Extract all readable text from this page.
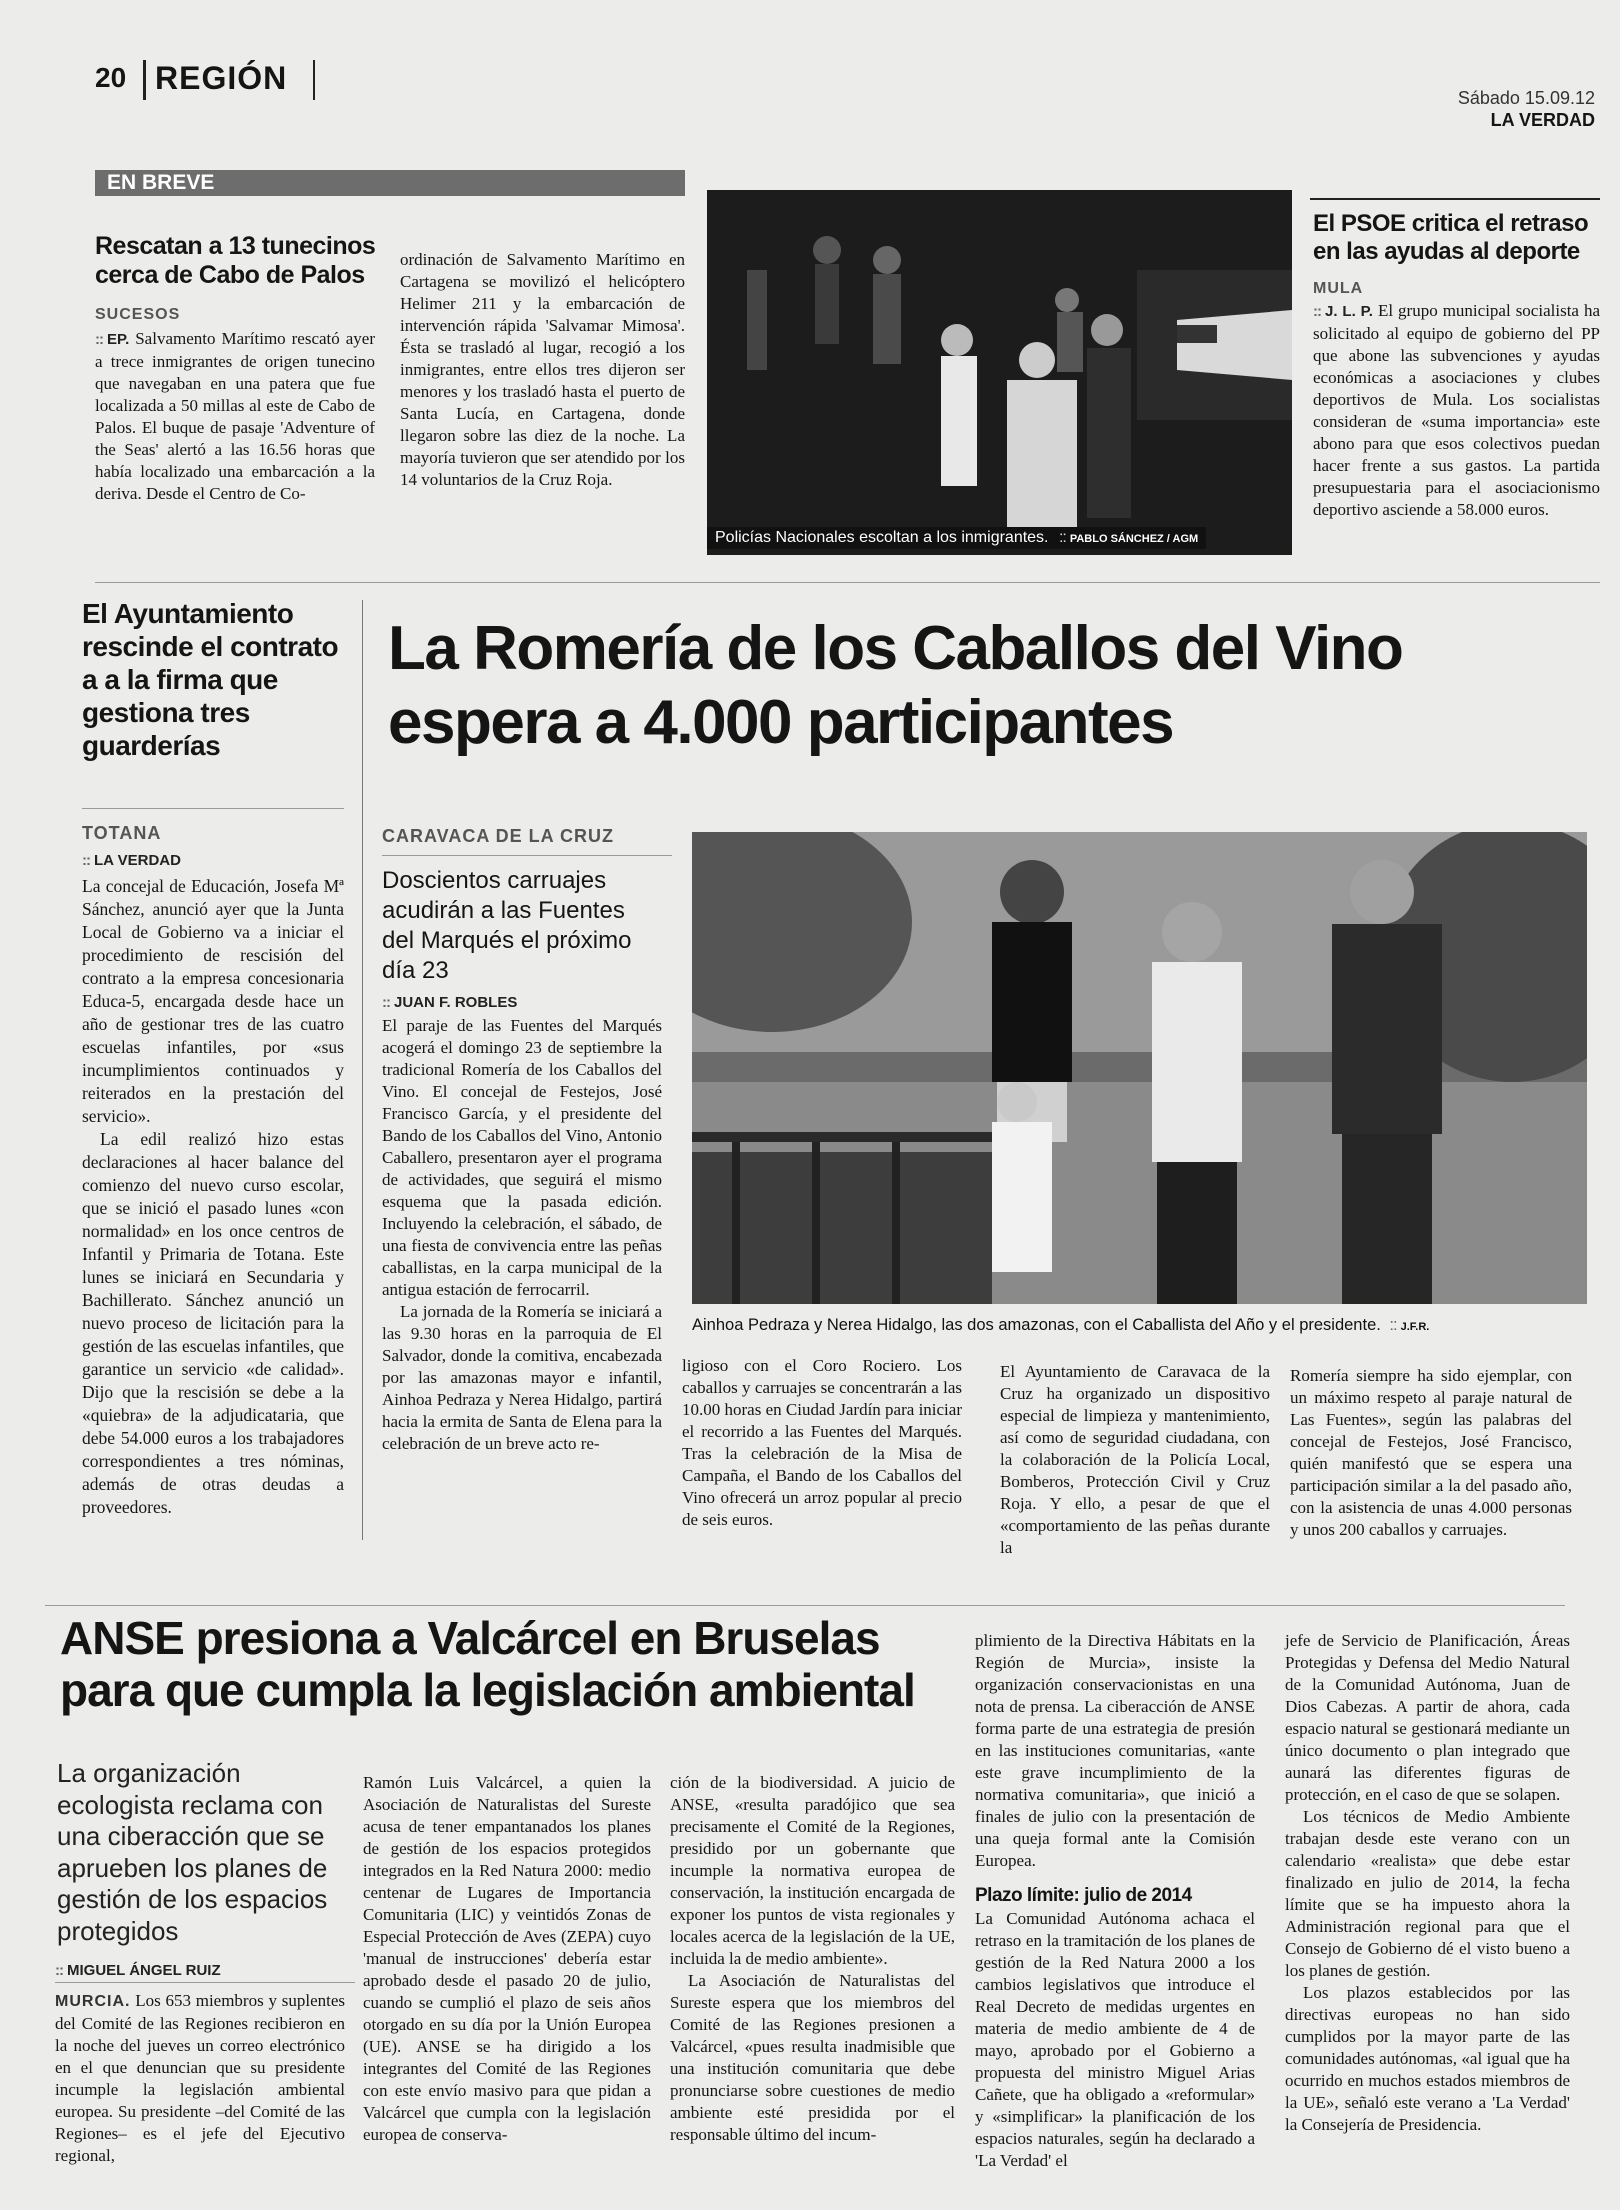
20 REGIÓN
Sábado 15.09.12
LA VERDAD
EN BREVE
Rescatan a 13 tunecinos cerca de Cabo de Palos
SUCESOS
:: EP. Salvamento Marítimo rescató ayer a trece inmigrantes de origen tunecino que navegaban en una patera que fue localizada a 50 millas al este de Cabo de Palos. El buque de pasaje 'Adventure of the Seas' alertó a las 16.56 horas que había localizado una embarcación a la deriva. Desde el Centro de Co-
ordinación de Salvamento Marítimo en Cartagena se movilizó el helicóptero Helimer 211 y la embarcación de intervención rápida 'Salvamar Mimosa'. Ésta se trasladó al lugar, recogió a los inmigrantes, entre ellos tres dijeron ser menores y los trasladó hasta el puerto de Santa Lucía, en Cartagena, donde llegaron sobre las diez de la noche. La mayoría tuvieron que ser atendido por los 14 voluntarios de la Cruz Roja.
Policías Nacionales escoltan a los inmigrantes. :: PABLO SÁNCHEZ / AGM
El PSOE critica el retraso en las ayudas al deporte
MULA
:: J. L. P. El grupo municipal socialista ha solicitado al equipo de gobierno del PP que abone las subvenciones y ayudas económicas a asociaciones y clubes deportivos de Mula. Los socialistas consideran de «suma importancia» este abono para que esos colectivos puedan hacer frente a sus gastos. La partida presupuestaria para el asociacionismo deportivo asciende a 58.000 euros.
El Ayuntamiento rescinde el contrato a a la firma que gestiona tres guarderías
TOTANA
:: LA VERDAD

La concejal de Educación, Josefa Mª Sánchez, anunció ayer que la Junta Local de Gobierno va a iniciar el procedimiento de rescisión del contrato a la empresa concesionaria Educa-5, encargada desde hace un año de gestionar tres de las cuatro escuelas infantiles, por «sus incumplimientos continuados y reiterados en la prestación del servicio».

La edil realizó hizo estas declaraciones al hacer balance del comienzo del nuevo curso escolar, que se inició el pasado lunes «con normalidad» en los once centros de Infantil y Primaria de Totana. Este lunes se iniciará en Secundaria y Bachillerato. Sánchez anunció un nuevo proceso de licitación para la gestión de las escuelas infantiles, que garantice un servicio «de calidad». Dijo que la rescisión se debe a la «quiebra» de la adjudicataria, que debe 54.000 euros a los trabajadores correspondientes a tres nóminas, además de otras deudas a proveedores.

La Romería de los Caballos del Vino
espera a 4.000 participantes
CARAVACA DE LA CRUZ
Doscientos carruajes acudirán a las Fuentes del Marqués el próximo día 23
:: JUAN F. ROBLES

El paraje de las Fuentes del Marqués acogerá el domingo 23 de septiembre la tradicional Romería de los Caballos del Vino. El concejal de Festejos, José Francisco García, y el presidente del Bando de los Caballos del Vino, Antonio Caballero, presentaron ayer el programa de actividades, que seguirá el mismo esquema que la pasada edición. Incluyendo la celebración, el sábado, de una fiesta de convivencia entre las peñas caballistas, en la carpa municipal de la antigua estación de ferrocarril.

La jornada de la Romería se iniciará a las 9.30 horas en la parroquia de El Salvador, donde la comitiva, encabezada por las amazonas mayor e infantil, Ainhoa Pedraza y Nerea Hidalgo, partirá hacia la ermita de Santa de Elena para la celebración de un breve acto re-

Ainhoa Pedraza y Nerea Hidalgo, las dos amazonas, con el Caballista del Año y el presidente. :: J.F.R.
ligioso con el Coro Rociero. Los caballos y carruajes se concentrarán a las 10.00 horas en Ciudad Jardín para iniciar el recorrido a las Fuentes del Marqués. Tras la celebración de la Misa de Campaña, el Bando de los Caballos del Vino ofrecerá un arroz popular al precio de seis euros.
El Ayuntamiento de Caravaca de la Cruz ha organizado un dispositivo especial de limpieza y mantenimiento, así como de seguridad ciudadana, con la colaboración de la Policía Local, Bomberos, Protección Civil y Cruz Roja. Y ello, a pesar de que el «comportamiento de las peñas durante la
Romería siempre ha sido ejemplar, con un máximo respeto al paraje natural de Las Fuentes», según las palabras del concejal de Festejos, José Francisco, quién manifestó que se espera una participación similar a la del pasado año, con la asistencia de unas 4.000 personas y unos 200 caballos y carruajes.
ANSE presiona a Valcárcel en Bruselas
para que cumpla la legislación ambiental
La organización ecologista reclama con una ciberacción que se aprueben los planes de gestión de los espacios protegidos
:: MIGUEL ÁNGEL RUIZ
MURCIA. Los 653 miembros y suplentes del Comité de las Regiones recibieron en la noche del jueves un correo electrónico en el que denuncian que su presidente incumple la legislación ambiental europea. Su presidente –del Comité de las Regiones– es el jefe del Ejecutivo regional,
Ramón Luis Valcárcel, a quien la Asociación de Naturalistas del Sureste acusa de tener empantanados los planes de gestión de los espacios protegidos integrados en la Red Natura 2000: medio centenar de Lugares de Importancia Comunitaria (LIC) y veintidós Zonas de Especial Protección de Aves (ZEPA) cuyo 'manual de instrucciones' debería estar aprobado desde el pasado 20 de julio, cuando se cumplió el plazo de seis años otorgado en su día por la Unión Europea (UE). ANSE se ha dirigido a los integrantes del Comité de las Regiones con este envío masivo para que pidan a Valcárcel que cumpla con la legislación europea de conserva-

ción de la biodiversidad. A juicio de ANSE, «resulta paradójico que sea precisamente el Comité de la Regiones, presidido por un gobernante que incumple la normativa europea de conservación, la institución encargada de exponer los puntos de vista regionales y locales acerca de la legislación de la UE, incluida la de medio ambiente».

La Asociación de Naturalistas del Sureste espera que los miembros del Comité de las Regiones presionen a Valcárcel, «pues resulta inadmisible que una institución comunitaria que debe pronunciarse sobre cuestiones de medio ambiente esté presidida por el responsable último del incum-

plimiento de la Directiva Hábitats en la Región de Murcia», insiste la organización conservacionistas en una nota de prensa. La ciberacción de ANSE forma parte de una estrategia de presión en las instituciones comunitarias, «ante este grave incumplimiento de la normativa comunitaria», que inició a finales de julio con la presentación de una queja formal ante la Comisión Europea.

Plazo límite: julio de 2014

La Comunidad Autónoma achaca el retraso en la tramitación de los planes de gestión de la Red Natura 2000 a los cambios legislativos que introduce el Real Decreto de medidas urgentes en materia de medio ambiente de 4 de mayo, aprobado por el Gobierno a propuesta del ministro Miguel Arias Cañete, que ha obligado a «reformular» y «simplificar» la planificación de los espacios naturales, según ha declarado a 'La Verdad' el

jefe de Servicio de Planificación, Áreas Protegidas y Defensa del Medio Natural de la Comunidad Autónoma, Juan de Dios Cabezas. A partir de ahora, cada espacio natural se gestionará mediante un único documento o plan integrado que aunará las diferentes figuras de protección, en el caso de que se solapen.

Los técnicos de Medio Ambiente trabajan desde este verano con un calendario «realista» que debe estar finalizado en julio de 2014, la fecha límite que se ha impuesto ahora la Administración regional para que el Consejo de Gobierno dé el visto bueno a los planes de gestión.

Los plazos establecidos por las directivas europeas no han sido cumplidos por la mayor parte de las comunidades autónomas, «al igual que ha ocurrido en muchos estados miembros de la UE», señaló este verano a 'La Verdad' la Consejería de Presidencia.
